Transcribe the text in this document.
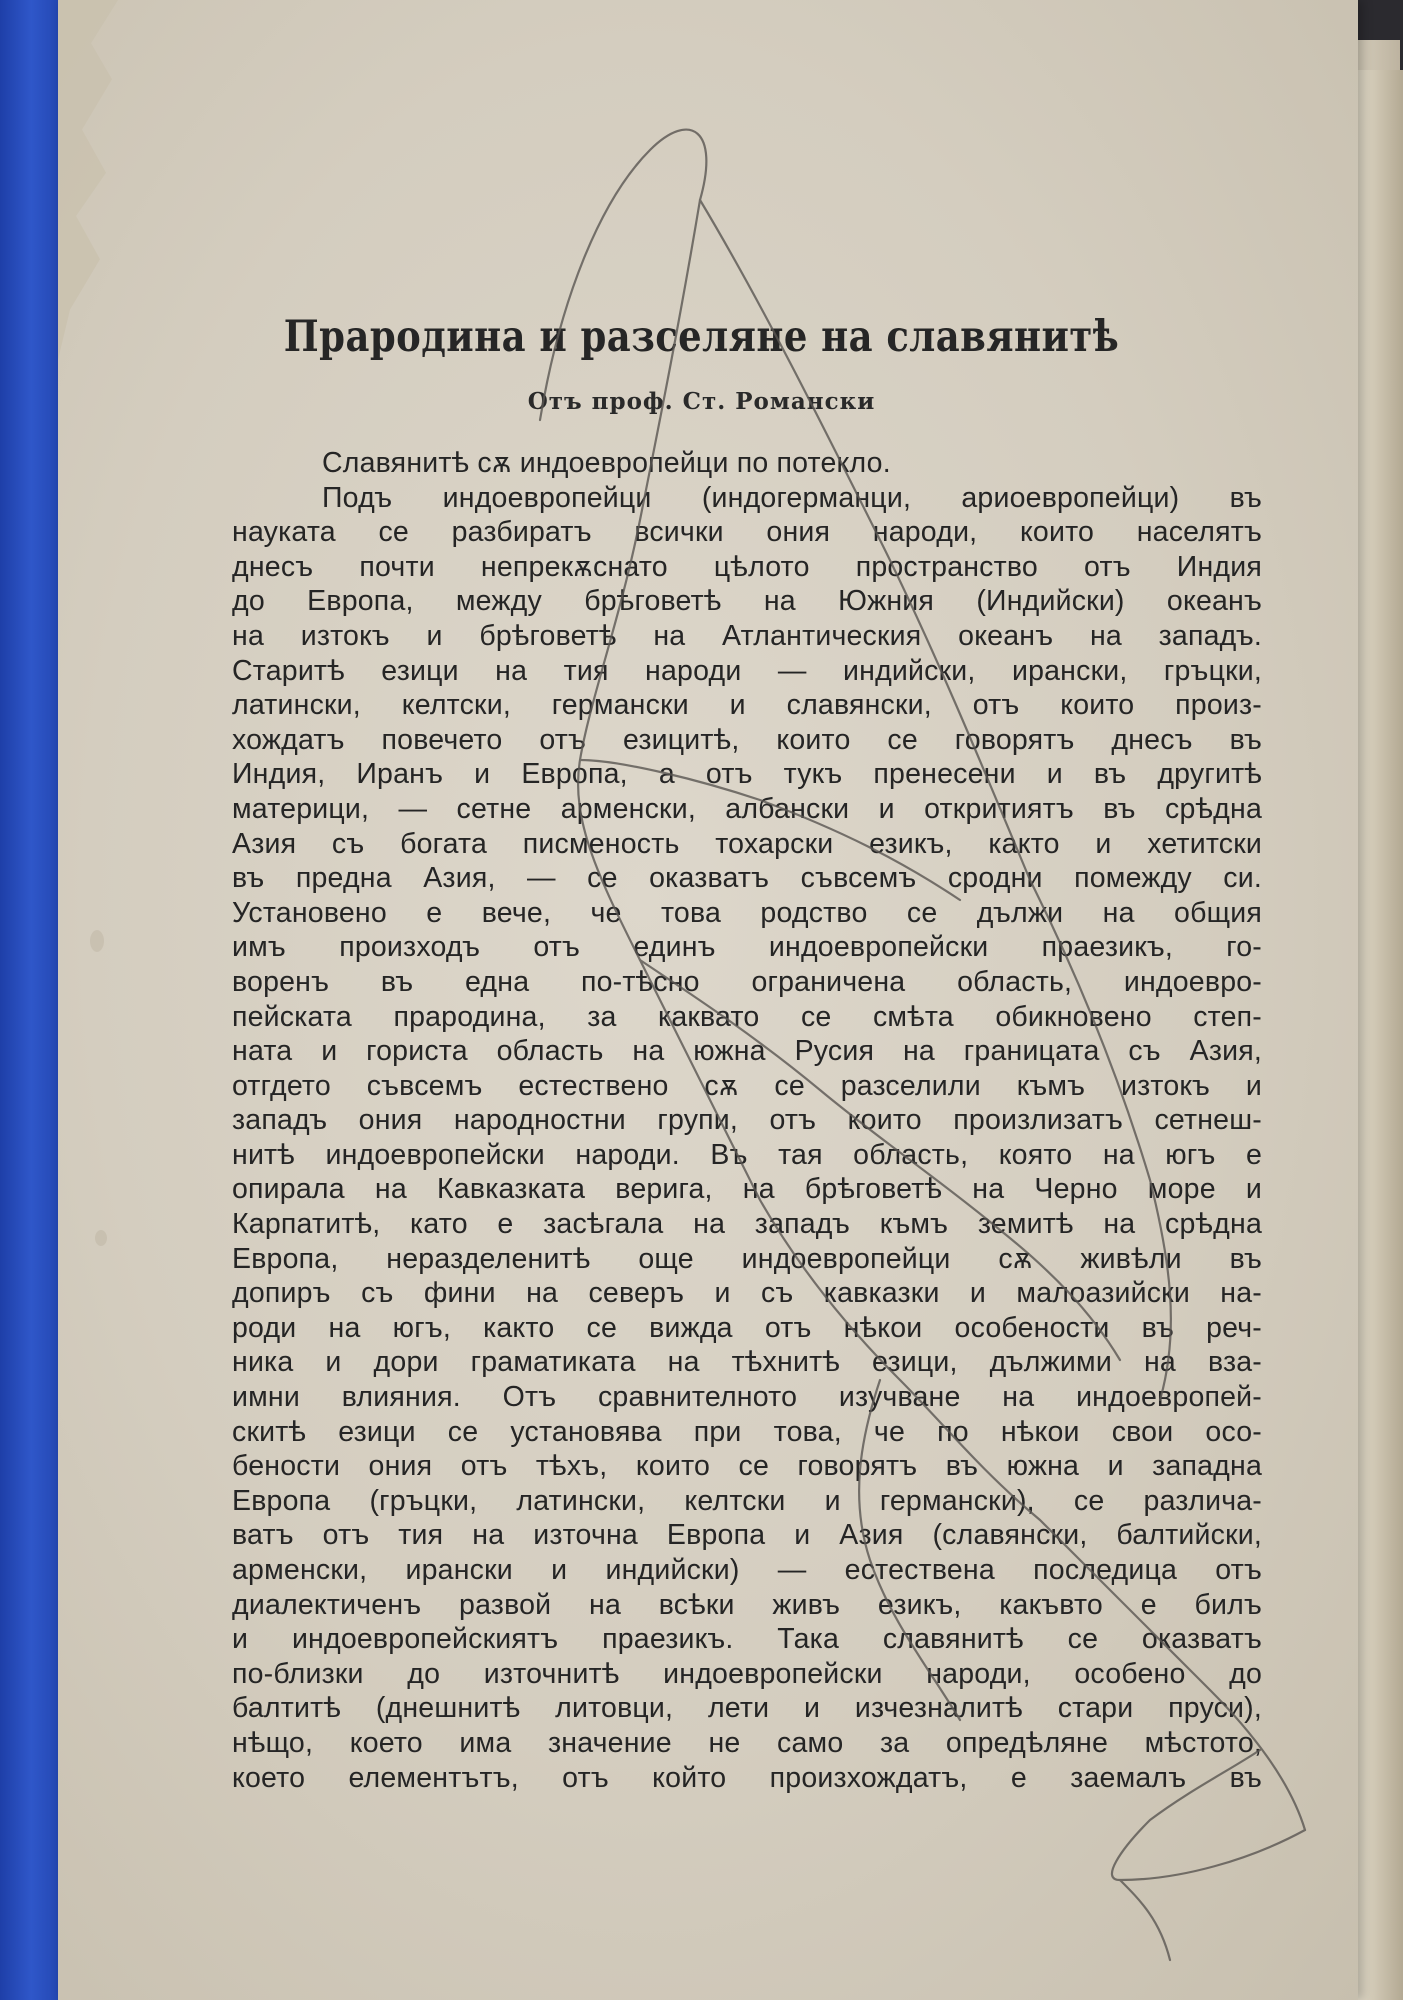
Прародина и разселяне на славянитѣ
Отъ проф. Ст. Романски
Славянитѣ сѫ индоевропейци по потекло.
Подъ индоевропейци (индогерманци, ариоевропейци) въ
науката се разбиратъ всички ония народи, които населятъ
днесъ почти непрекѫснато цѣлото пространство отъ Индия
до Европа, между брѣговетѣ на Южния (Индийски) океанъ
на изтокъ и брѣговетѣ на Атлантическия океанъ на западъ.
Старитѣ езици на тия народи — индийски, ирански, гръцки,
латински, келтски, германски и славянски, отъ които произ-
хождатъ повечето отъ езицитѣ, които се говорятъ днесъ въ
Индия, Иранъ и Европа, а отъ тукъ пренесени и въ другитѣ
материци, — сетне арменски, албански и откритиятъ въ срѣдна
Азия съ богата писменость тохарски езикъ, както и хетитски
въ предна Азия, — се оказватъ съвсемъ сродни помежду си.
Установено е вече, че това родство се дължи на общия
имъ произходъ отъ единъ индоевропейски праезикъ, го-
воренъ въ една по-тѣсно ограничена область, индоевро-
пейската прародина, за каквато се смѣта обикновено степ-
ната и гориста область на южна Русия на границата съ Азия,
отгдето съвсемъ естествено сѫ се разселили къмъ изтокъ и
западъ ония народностни групи, отъ които произлизатъ сетнеш-
нитѣ индоевропейски народи. Въ тая область, която на югъ е
опирала на Кавказката верига, на брѣговетѣ на Черно море и
Карпатитѣ, като е засѣгала на западъ къмъ земитѣ на срѣдна
Европа, неразделенитѣ още индоевропейци сѫ живѣли въ
допиръ съ фини на северъ и съ кавказки и малоазийски на-
роди на югъ, както се вижда отъ нѣкои особености въ реч-
ника и дори граматиката на тѣхнитѣ езици, дължими на вза-
имни влияния. Отъ сравнителното изучване на индоевропей-
скитѣ езици се установява при това, че по нѣкои свои осо-
бености ония отъ тѣхъ, които се говорятъ въ южна и западна
Европа (гръцки, латински, келтски и германски), се различа-
ватъ отъ тия на източна Европа и Азия (славянски, балтийски,
арменски, ирански и индийски) — естествена последица отъ
диалектиченъ развой на всѣки живъ езикъ, какъвто е билъ
и индоевропейскиятъ праезикъ. Така славянитѣ се оказватъ
по-близки до източнитѣ индоевропейски народи, особено до
балтитѣ (днешнитѣ литовци, лети и изчезналитѣ стари пруси),
нѣщо, което има значение не само за опредѣляне мѣстото,
което елементътъ, отъ който произхождатъ, е заемалъ въ
